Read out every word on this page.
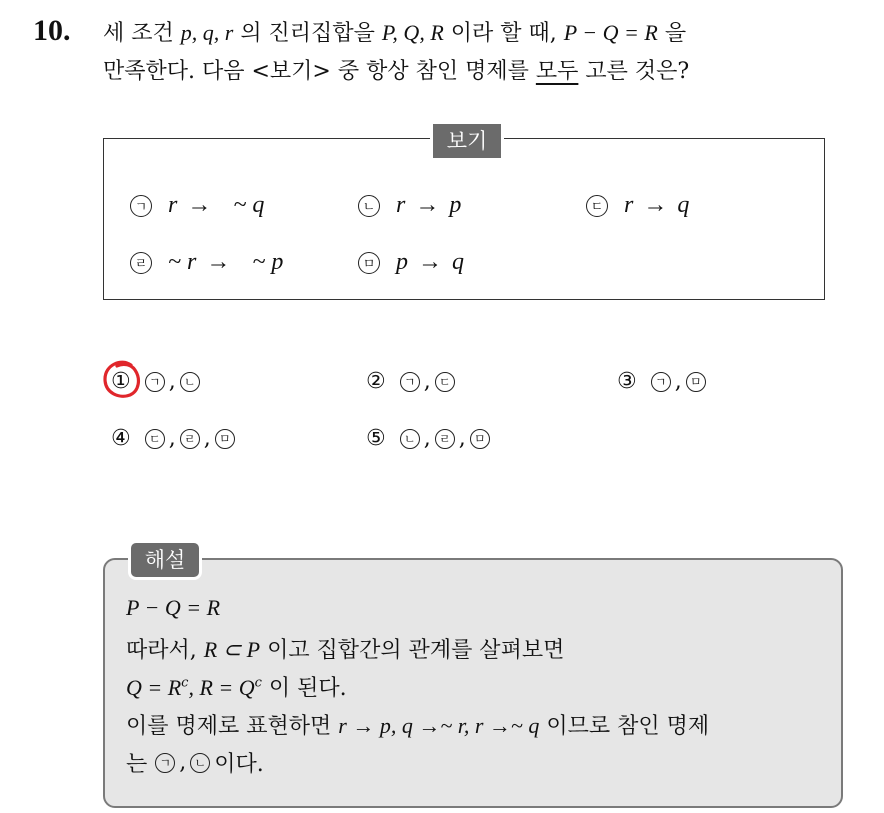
10. 세 조건 p, q, r 의 진리집합을 P, Q, R 이라 할 때, P − Q = R 을
만족한다. 다음 <보기> 중 항상 참인 명제를 모두 고른 것은?
보기
ㄱ r → ~ q	ㄴ r → p	ㄷ r → q
ㄹ ~ r → ~ p	ㅁ p → q
①	ㄱ , ㄴ	②	ㄱ , ㄷ	③	ㄱ , ㅁ
④	ㄷ , ㄹ , ㅁ	⑤	ㄴ , ㄹ , ㅁ
해설
P − Q = R
따라서, R ⊂ P 이고 집합간의 관계를 살펴보면
$Q = R^c$, $R = Q^c$ 이 된다.
이를 명제로 표현하면 r → p, q →~ r, r →~ q 이므로 참인 명제
는	ㄱ , ㄴ 이다.
